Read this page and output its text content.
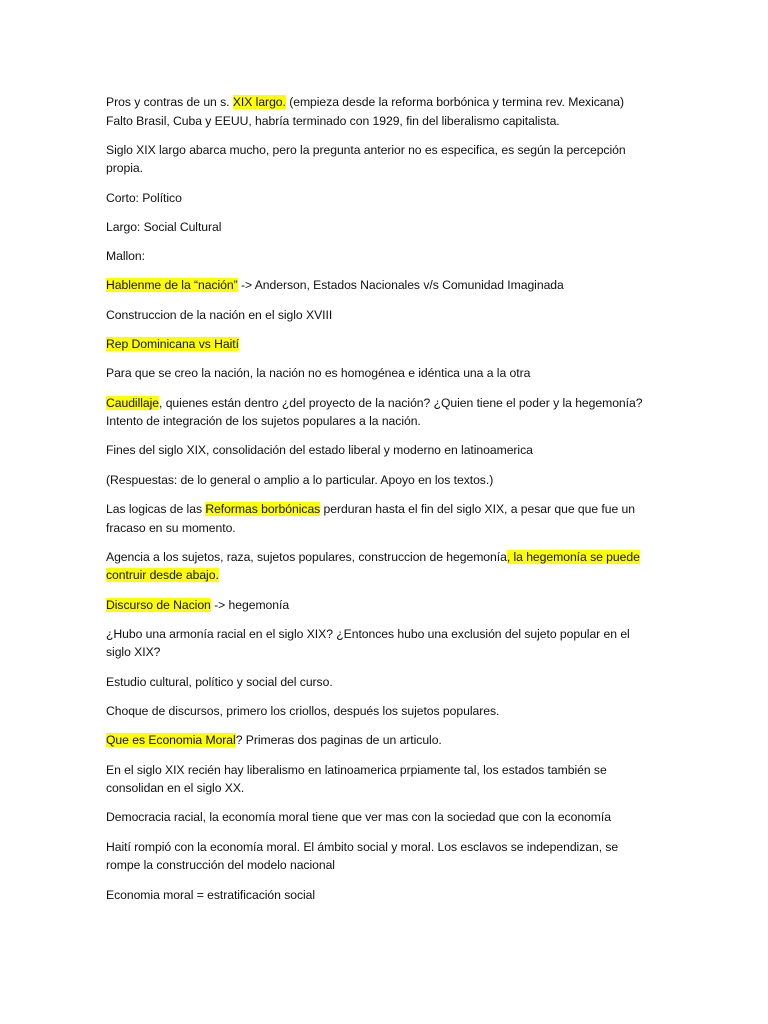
Pros y contras de un s. XIX largo. (empieza desde la reforma borbónica y termina rev. Mexicana) Falto Brasil, Cuba y EEUU, habría terminado con 1929, fin del liberalismo capitalista.

Siglo XIX largo abarca mucho, pero la pregunta anterior no es especifica, es según la percepción propia.

Corto: Político

Largo: Social Cultural

Mallon:

Hablenme de la “nación” -> Anderson, Estados Nacionales v/s Comunidad Imaginada

Construccion de la nación en el siglo XVIII

Rep Dominicana vs Haití

Para que se creo la nación, la nación no es homogénea e idéntica una a la otra

Caudillaje, quienes están dentro ¿del proyecto de la nación? ¿Quien tiene el poder y la hegemonía? Intento de integración de los sujetos populares a la nación.

Fines del siglo XIX, consolidación del estado liberal y moderno en latinoamerica

(Respuestas: de lo general o amplio a lo particular. Apoyo en los textos.)

Las logicas de las Reformas borbónicas perduran hasta el fin del siglo XIX, a pesar que que fue un fracaso en su momento.

Agencia a los sujetos, raza, sujetos populares, construccion de hegemonía, la hegemonía se puede contruir desde abajo.

Discurso de Nacion -> hegemonía

¿Hubo una armonía racial en el siglo XIX? ¿Entonces hubo una exclusión del sujeto popular en el siglo XIX?

Estudio cultural, político y social del curso.

Choque de discursos, primero los criollos, después los sujetos populares.

Que es Economia Moral? Primeras dos paginas de un articulo.

En el siglo XIX recién hay liberalismo en latinoamerica prpiamente tal, los estados también se consolidan en el siglo XX.

Democracia racial, la economía moral tiene que ver mas con la sociedad que con la economía

Haití rompió con la economía moral. El ámbito social y moral. Los esclavos se independizan, se rompe la construcción del modelo nacional

Economia moral = estratificación social
